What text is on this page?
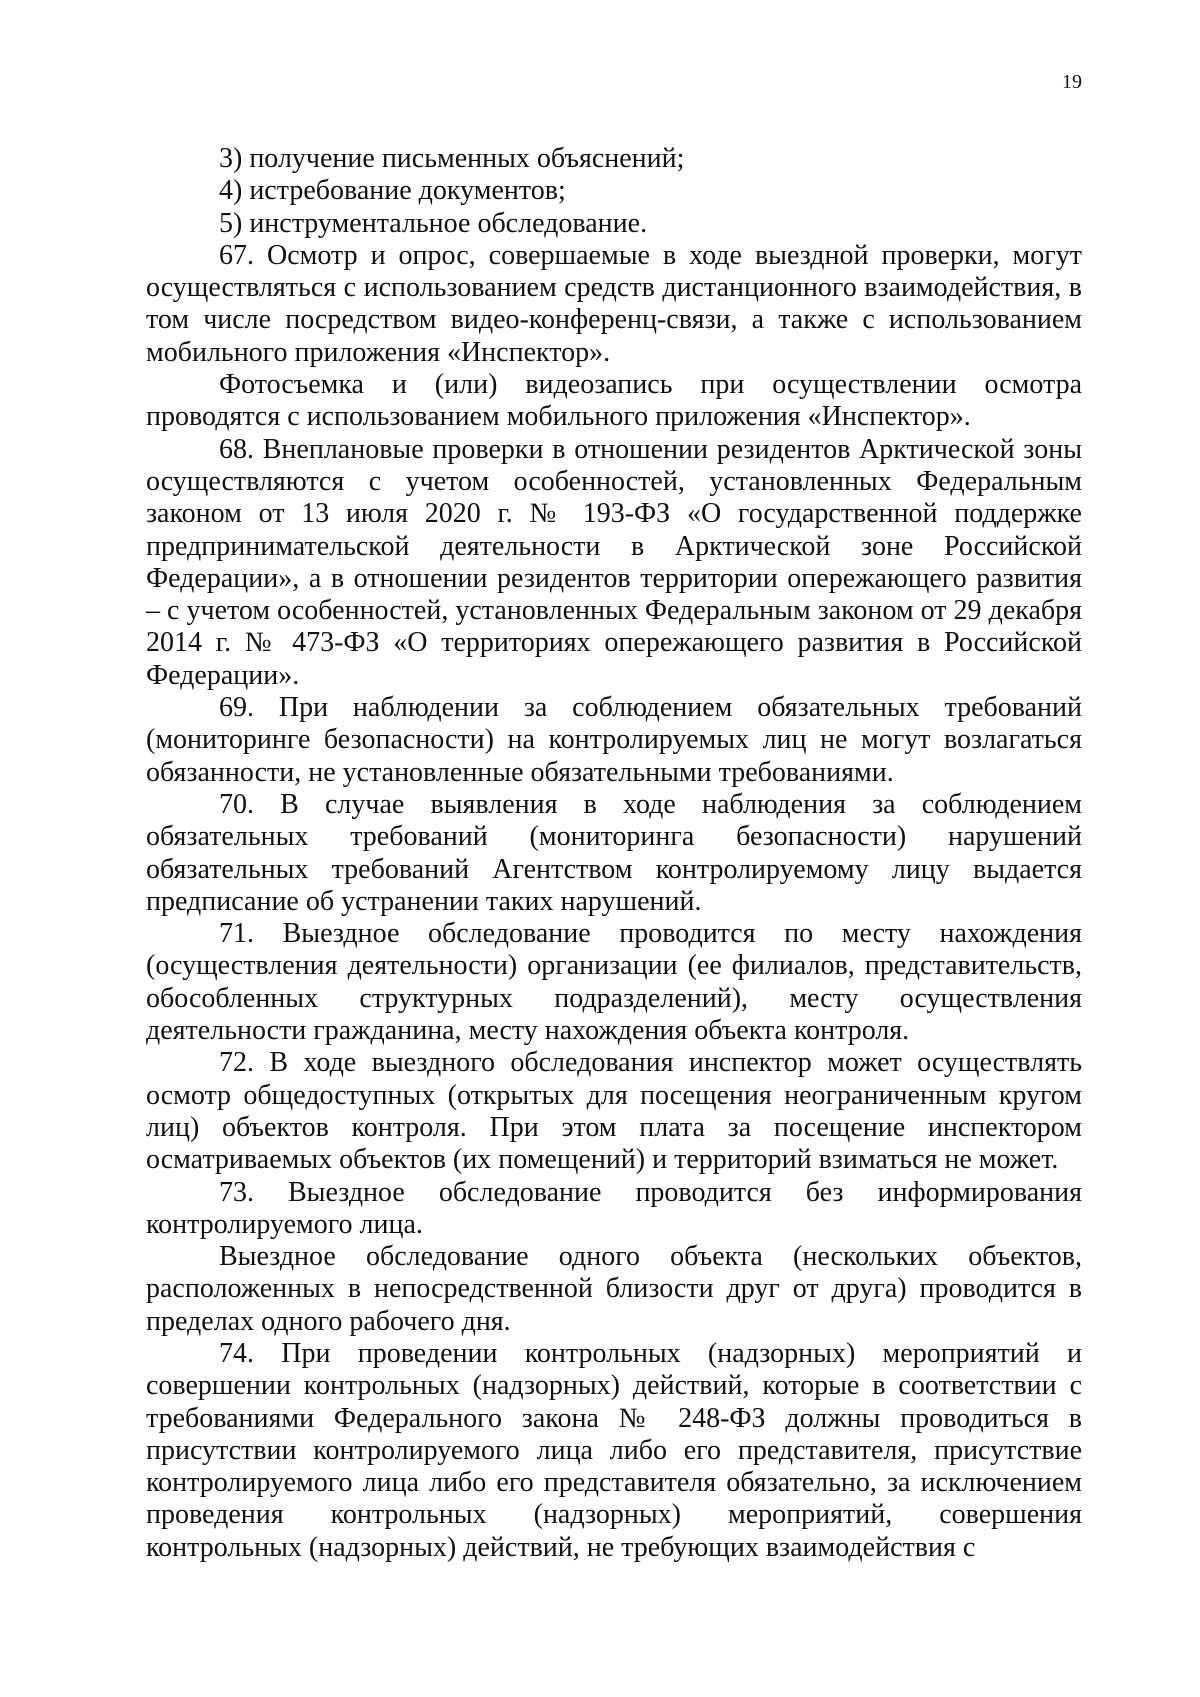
19

3) получение письменных объяснений;

4) истребование документов;

5) инструментальное обследование.

67. Осмотр и опрос, совершаемые в ходе выездной проверки, могут осуществляться с использованием средств дистанционного взаимодействия, в том числе посредством видео-конференц-связи, а также с использованием мобильного приложения «Инспектор».

Фотосъемка и (или) видеозапись при осуществлении осмотра проводятся с использованием мобильного приложения «Инспектор».

68. Внеплановые проверки в отношении резидентов Арктической зоны осуществляются с учетом особенностей, установленных Федеральным законом от 13 июля 2020 г. № 193-ФЗ «О государственной поддержке предпринимательской деятельности в Арктической зоне Российской Федерации», а в отношении резидентов территории опережающего развития – с учетом особенностей, установленных Федеральным законом от 29 декабря 2014 г. № 473-ФЗ «О территориях опережающего развития в Российской Федерации».

69. При наблюдении за соблюдением обязательных требований (мониторинге безопасности) на контролируемых лиц не могут возлагаться обязанности, не установленные обязательными требованиями.

70. В случае выявления в ходе наблюдения за соблюдением обязательных требований (мониторинга безопасности) нарушений обязательных требований Агентством контролируемому лицу выдается предписание об устранении таких нарушений.

71. Выездное обследование проводится по месту нахождения (осуществления деятельности) организации (ее филиалов, представительств, обособленных структурных подразделений), месту осуществления деятельности гражданина, месту нахождения объекта контроля.

72. В ходе выездного обследования инспектор может осуществлять осмотр общедоступных (открытых для посещения неограниченным кругом лиц) объектов контроля. При этом плата за посещение инспектором осматриваемых объектов (их помещений) и территорий взиматься не может.

73. Выездное обследование проводится без информирования контролируемого лица.

Выездное обследование одного объекта (нескольких объектов, расположенных в непосредственной близости друг от друга) проводится в пределах одного рабочего дня.

74. При проведении контрольных (надзорных) мероприятий и совершении контрольных (надзорных) действий, которые в соответствии с требованиями Федерального закона № 248-ФЗ должны проводиться в присутствии контролируемого лица либо его представителя, присутствие контролируемого лица либо его представителя обязательно, за исключением проведения контрольных (надзорных) мероприятий, совершения контрольных (надзорных) действий, не требующих взаимодействия с
